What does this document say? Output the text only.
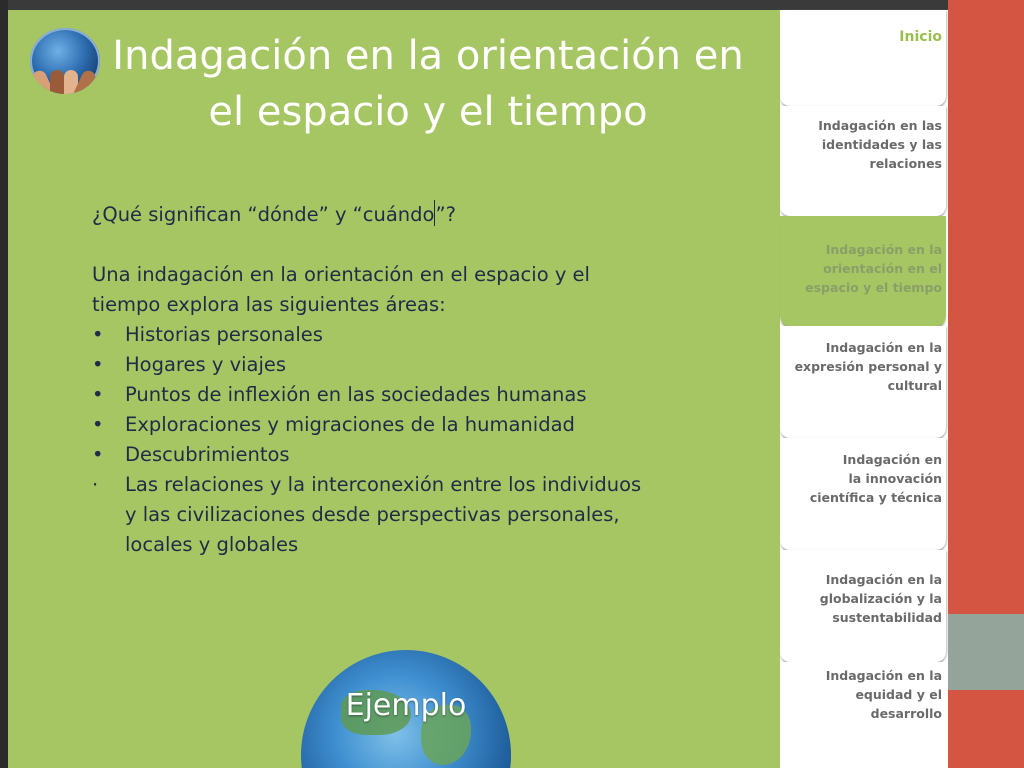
Indagación en la orientación en
el espacio y el tiempo

¿Qué significan “dónde” y “cuándo”?

Una indagación en la orientación en el espacio y el
tiempo explora las siguientes áreas:

• Historias personales
• Hogares y viajes
• Puntos de inflexión en las sociedades humanas
• Exploraciones y migraciones de la humanidad
• Descubrimientos
· Las relaciones y la interconexión entre los individuos
y las civilizaciones desde perspectivas personales,
locales y globales
Ejemplo
Inicio
Indagación en las
identidades y las
relaciones
Indagación en la
orientación en el
espacio y el tiempo
Indagación en la
expresión personal y
cultural
Indagación en
la innovación
científica y técnica
Indagación en la
globalización y la
sustentabilidad
Indagación en la
equidad y el
desarrollo
